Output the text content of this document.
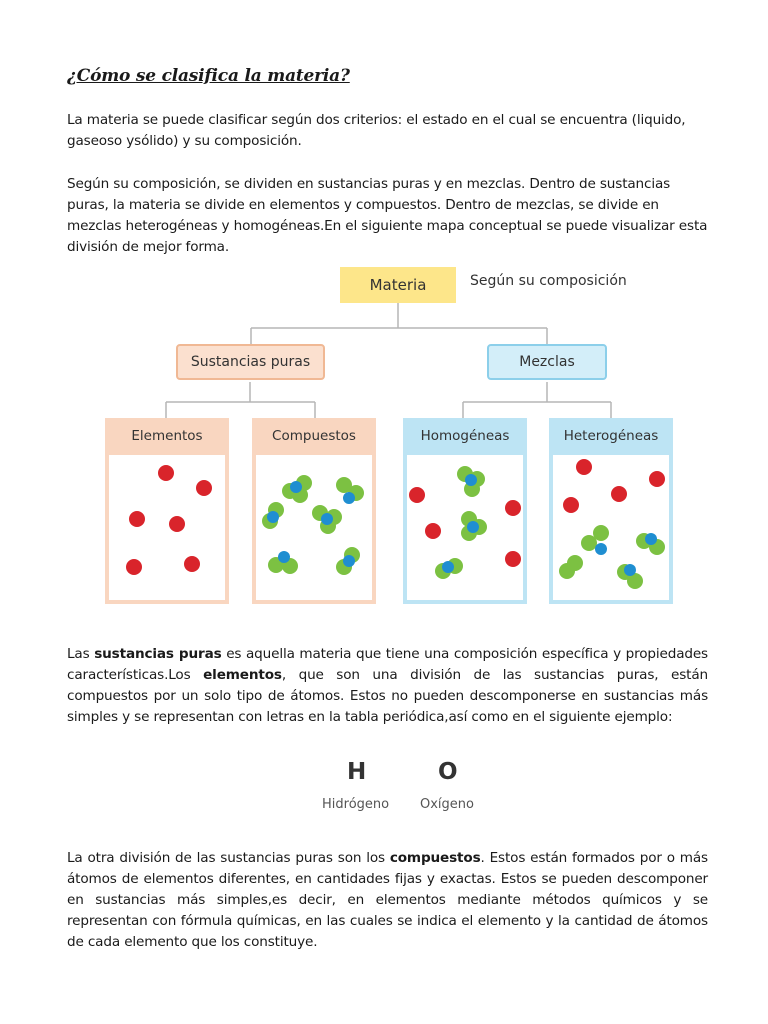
¿Cómo se clasifica la materia?

La materia se puede clasificar según dos criterios: el estado en el cual se encuentra (liquido, gaseoso ysólido) y su composición.

Según su composición, se dividen en sustancias puras y en mezclas. Dentro de sustancias puras, la materia se divide en elementos y compuestos. Dentro de mezclas, se divide en mezclas heterogéneas y homogéneas.En el siguiente mapa conceptual se puede visualizar esta división de mejor forma.

Materia	Según su composición
Sustancias puras	Mezclas
Elementos	Compuestos	Homogéneas	Heterogéneas

Las sustancias puras es aquella materia que tiene una composición específica y propiedades características.Los elementos, que son una división de las sustancias puras, están compuestos por un solo tipo de átomos. Estos no pueden descomponerse en sustancias más simples y se representan con letras en la tabla periódica,así como en el siguiente ejemplo:

H	O
Hidrógeno Oxígeno

La otra división de las sustancias puras son los compuestos. Estos están formados por o más átomos de elementos diferentes, en cantidades fijas y exactas. Estos se pueden descomponer en sustancias más simples,es decir, en elementos mediante métodos químicos y se representan con fórmula químicas, en las cuales se indica el elemento y la cantidad de átomos de cada elemento que los constituye.
